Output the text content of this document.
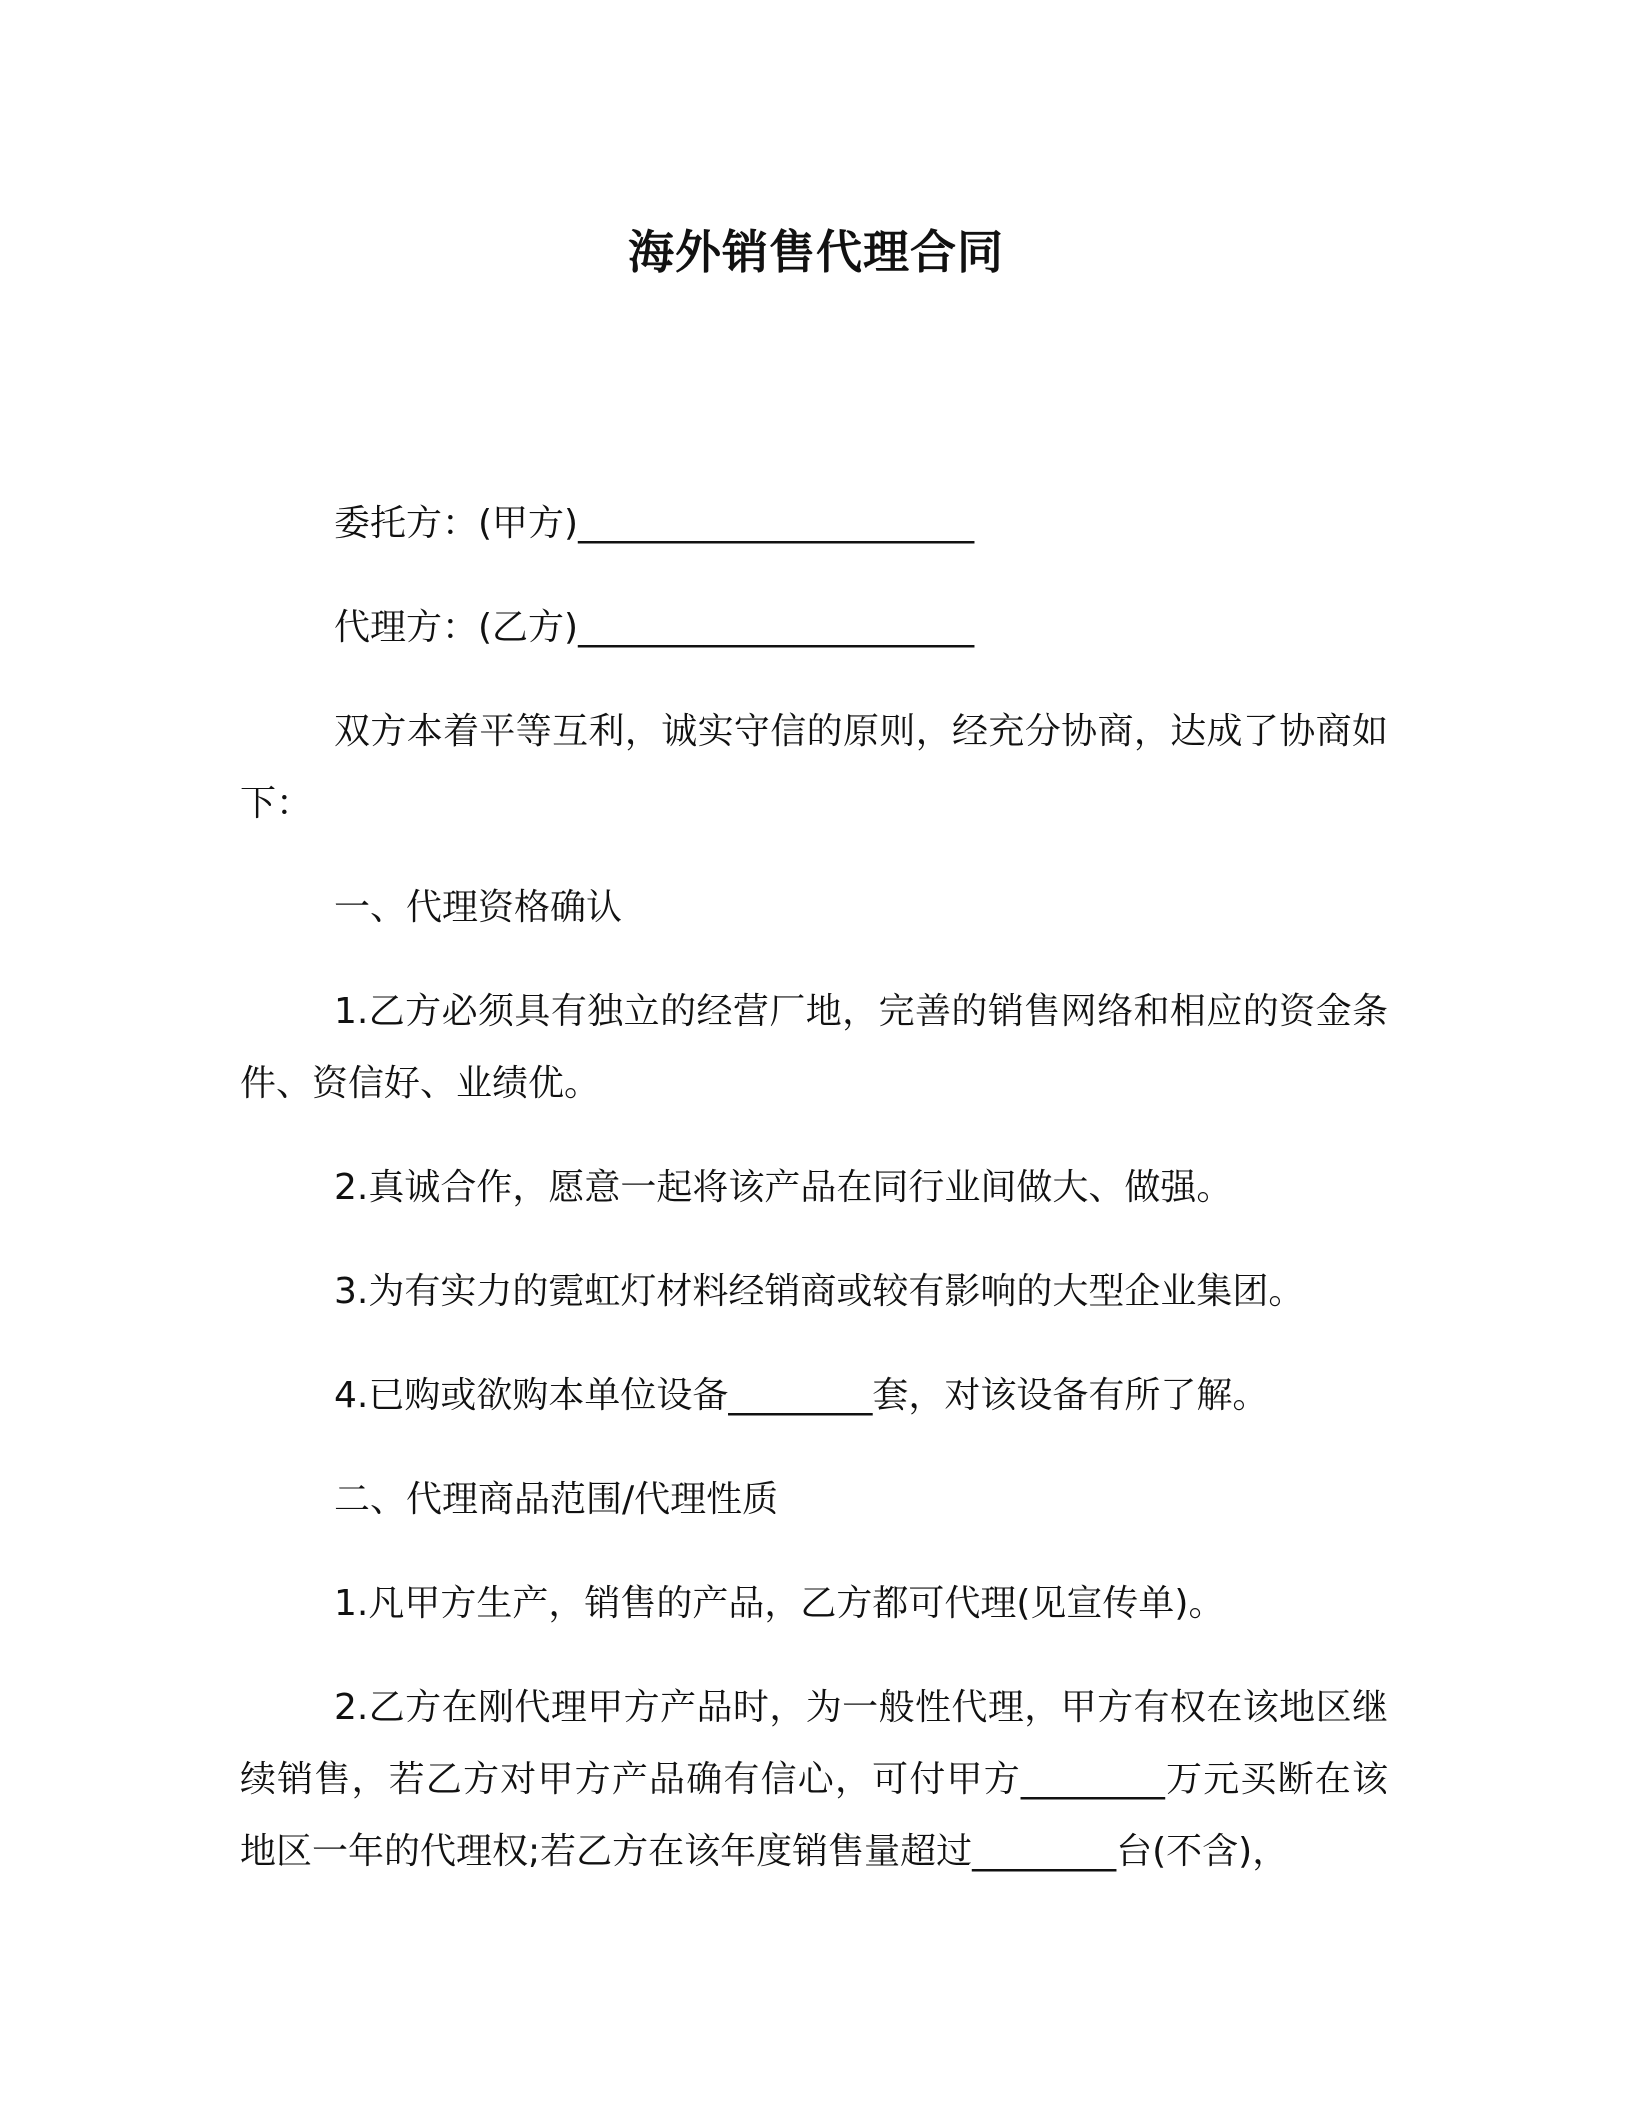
海外销售代理合同

委托方：(甲方)______________________

代理方：(乙方)______________________

双方本着平等互利，诚实守信的原则，经充分协商，达成了协商如下：

一、代理资格确认

1.乙方必须具有独立的经营厂地，完善的销售网络和相应的资金条件、资信好、业绩优。

2.真诚合作，愿意一起将该产品在同行业间做大、做强。

3.为有实力的霓虹灯材料经销商或较有影响的大型企业集团。

4.已购或欲购本单位设备________套，对该设备有所了解。

二、代理商品范围/代理性质

1.凡甲方生产，销售的产品，乙方都可代理(见宣传单)。

2.乙方在刚代理甲方产品时，为一般性代理，甲方有权在该地区继续销售，若乙方对甲方产品确有信心，可付甲方________万元买断在该地区一年的代理权;若乙方在该年度销售量超过________台(不含)，
